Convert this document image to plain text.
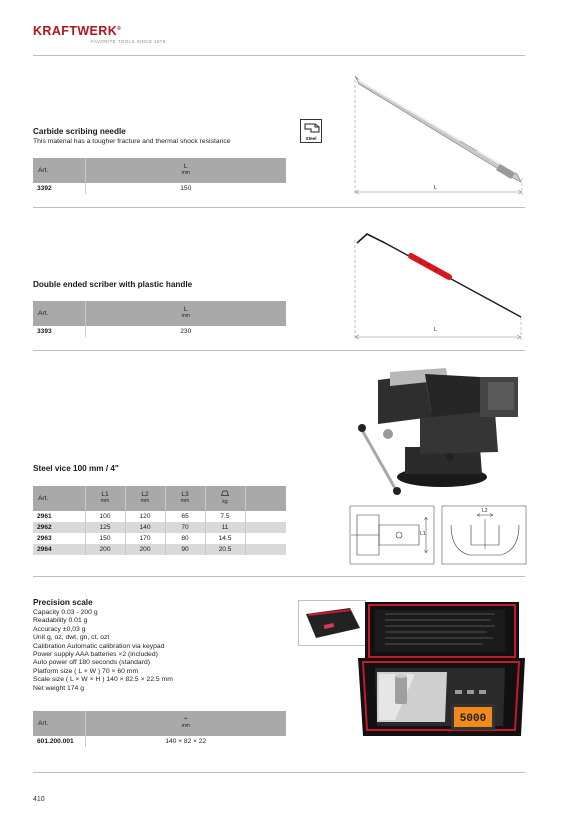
KRAFTWERK®
FAVORITE TOOLS SINCE 1979
Carbide scribing needle
This material has a tougher fracture and thermal shock resistance
Art.	L
mm

3392	150
Steel
L
Double ended scriber with plastic handle
Art.	L
mm

3393	230	L
Steel vice 100 mm / 4"
Art.	L1
mm	L2
mm	L3
mm	kg	

2961	100	120	65	7.5	
2962	125	140	70	11	
2963	150	170	80	14.5	
2964	200	200	90	20.5	
L1
L2
Precision scale
Capacity 0.03 - 200 g
Readability 0.01 g
Accuracy ±0,03 g
Unit g, oz, dwt, gn, ct, ozt
Calibration Automatic calibration via keypad
Power supply AAA batteries ×2 (included)
Auto power off 180 seconds (standard)
Platform size ( L × W ) 70 × 60 mm
Scale size ( L × W × H ) 140 × 82.5 × 22.5 mm
Net weight 174 g
Art.	÷
mm

601.200.001	140 × 82 × 22
5000
410
